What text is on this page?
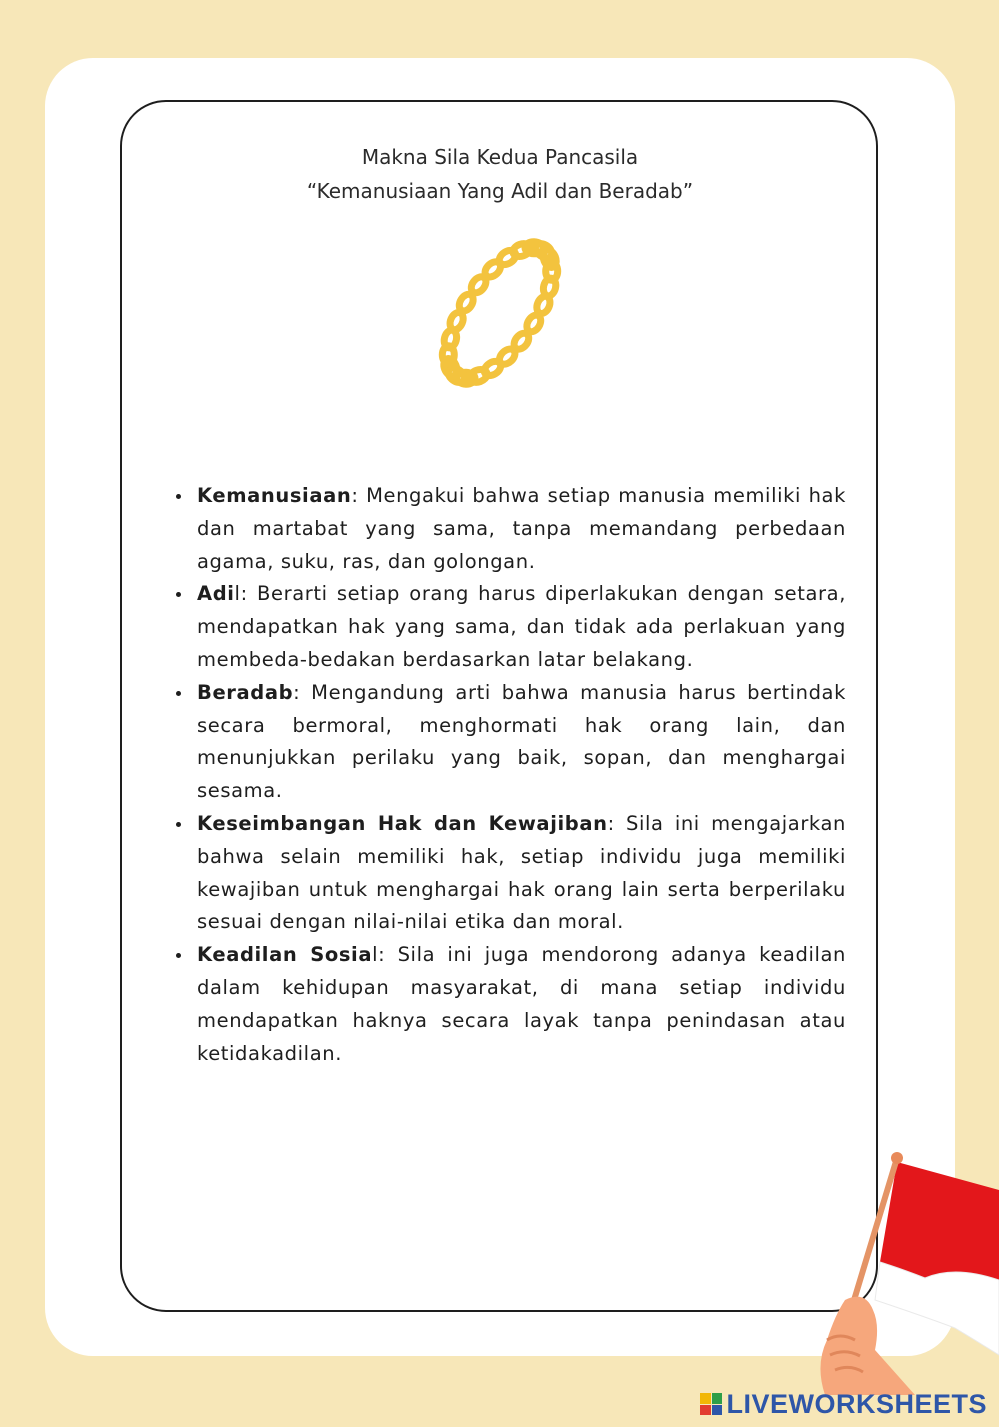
Makna Sila Kedua Pancasila
“Kemanusiaan Yang Adil dan Beradab”
Kemanusiaan: Mengakui bahwa setiap manusia memiliki hak dan martabat yang sama, tanpa memandang perbedaan agama, suku, ras, dan golongan.
Adil: Berarti setiap orang harus diperlakukan dengan setara, mendapatkan hak yang sama, dan tidak ada perlakuan yang membeda-bedakan berdasarkan latar belakang.
Beradab: Mengandung arti bahwa manusia harus bertindak secara bermoral, menghormati hak orang lain, dan menunjukkan perilaku yang baik, sopan, dan menghargai sesama.
Keseimbangan Hak dan Kewajiban: Sila ini mengajarkan bahwa selain memiliki hak, setiap individu juga memiliki kewajiban untuk menghargai hak orang lain serta berperilaku sesuai dengan nilai-nilai etika dan moral.
Keadilan Sosial: Sila ini juga mendorong adanya keadilan dalam kehidupan masyarakat, di mana setiap individu mendapatkan haknya secara layak tanpa penindasan atau ketidakadilan.
LIVEWORKSHEETS
